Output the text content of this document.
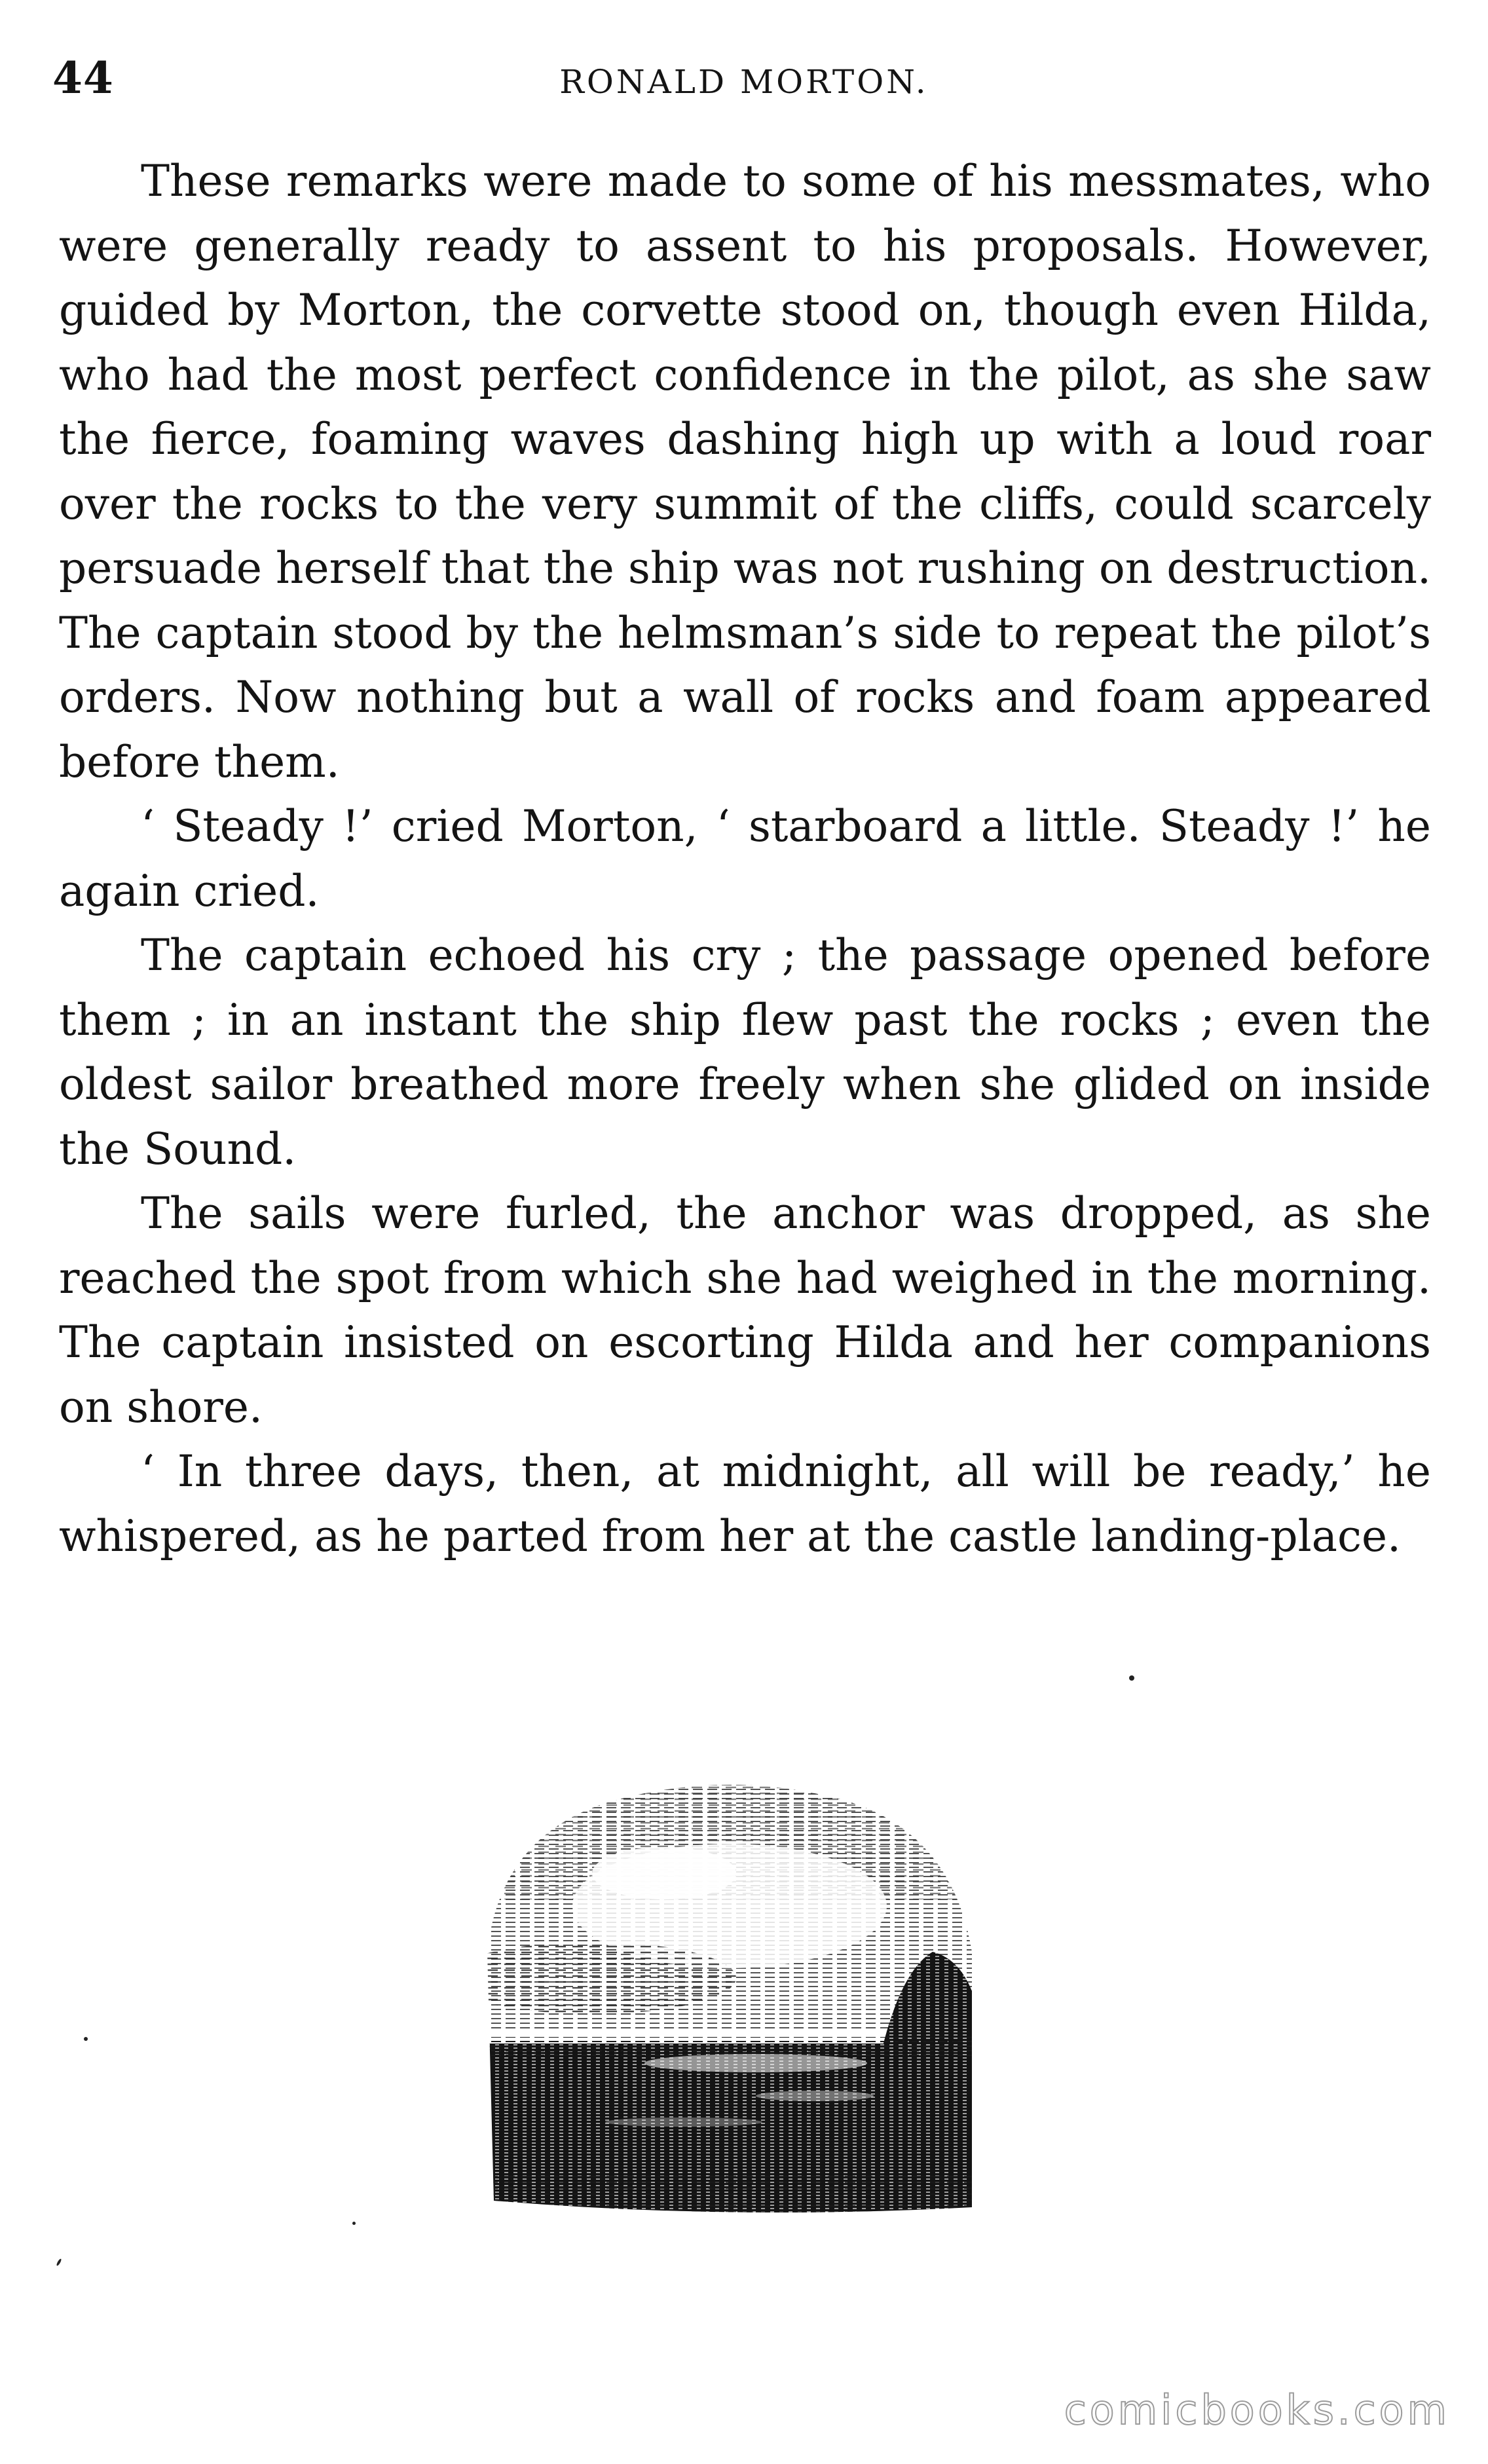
44	RONALD MORTON.

These remarks were made to some of his messmates, who were generally ready to assent to his proposals. However, guided by Morton, the corvette stood on, though even Hilda, who had the most perfect confidence in the pilot, as she saw the fierce, foaming waves dashing high up with a loud roar over the rocks to the very summit of the cliffs, could scarcely persuade herself that the ship was not rushing on destruction. The captain stood by the helmsman’s side to repeat the pilot’s orders. Now nothing but a wall of rocks and foam appeared before them.

‘ Steady !’ cried Morton, ‘ starboard a little. Steady !’ he again cried.

The captain echoed his cry ; the passage opened before them ; in an instant the ship flew past the rocks ; even the oldest sailor breathed more freely when she glided on inside the Sound.

The sails were furled, the anchor was dropped, as she reached the spot from which she had weighed in the morning. The captain insisted on escorting Hilda and her companions on shore.

‘ In three days, then, at midnight, all will be ready,’ he whispered, as he parted from her at the castle landing-place.

comicbooks.com
